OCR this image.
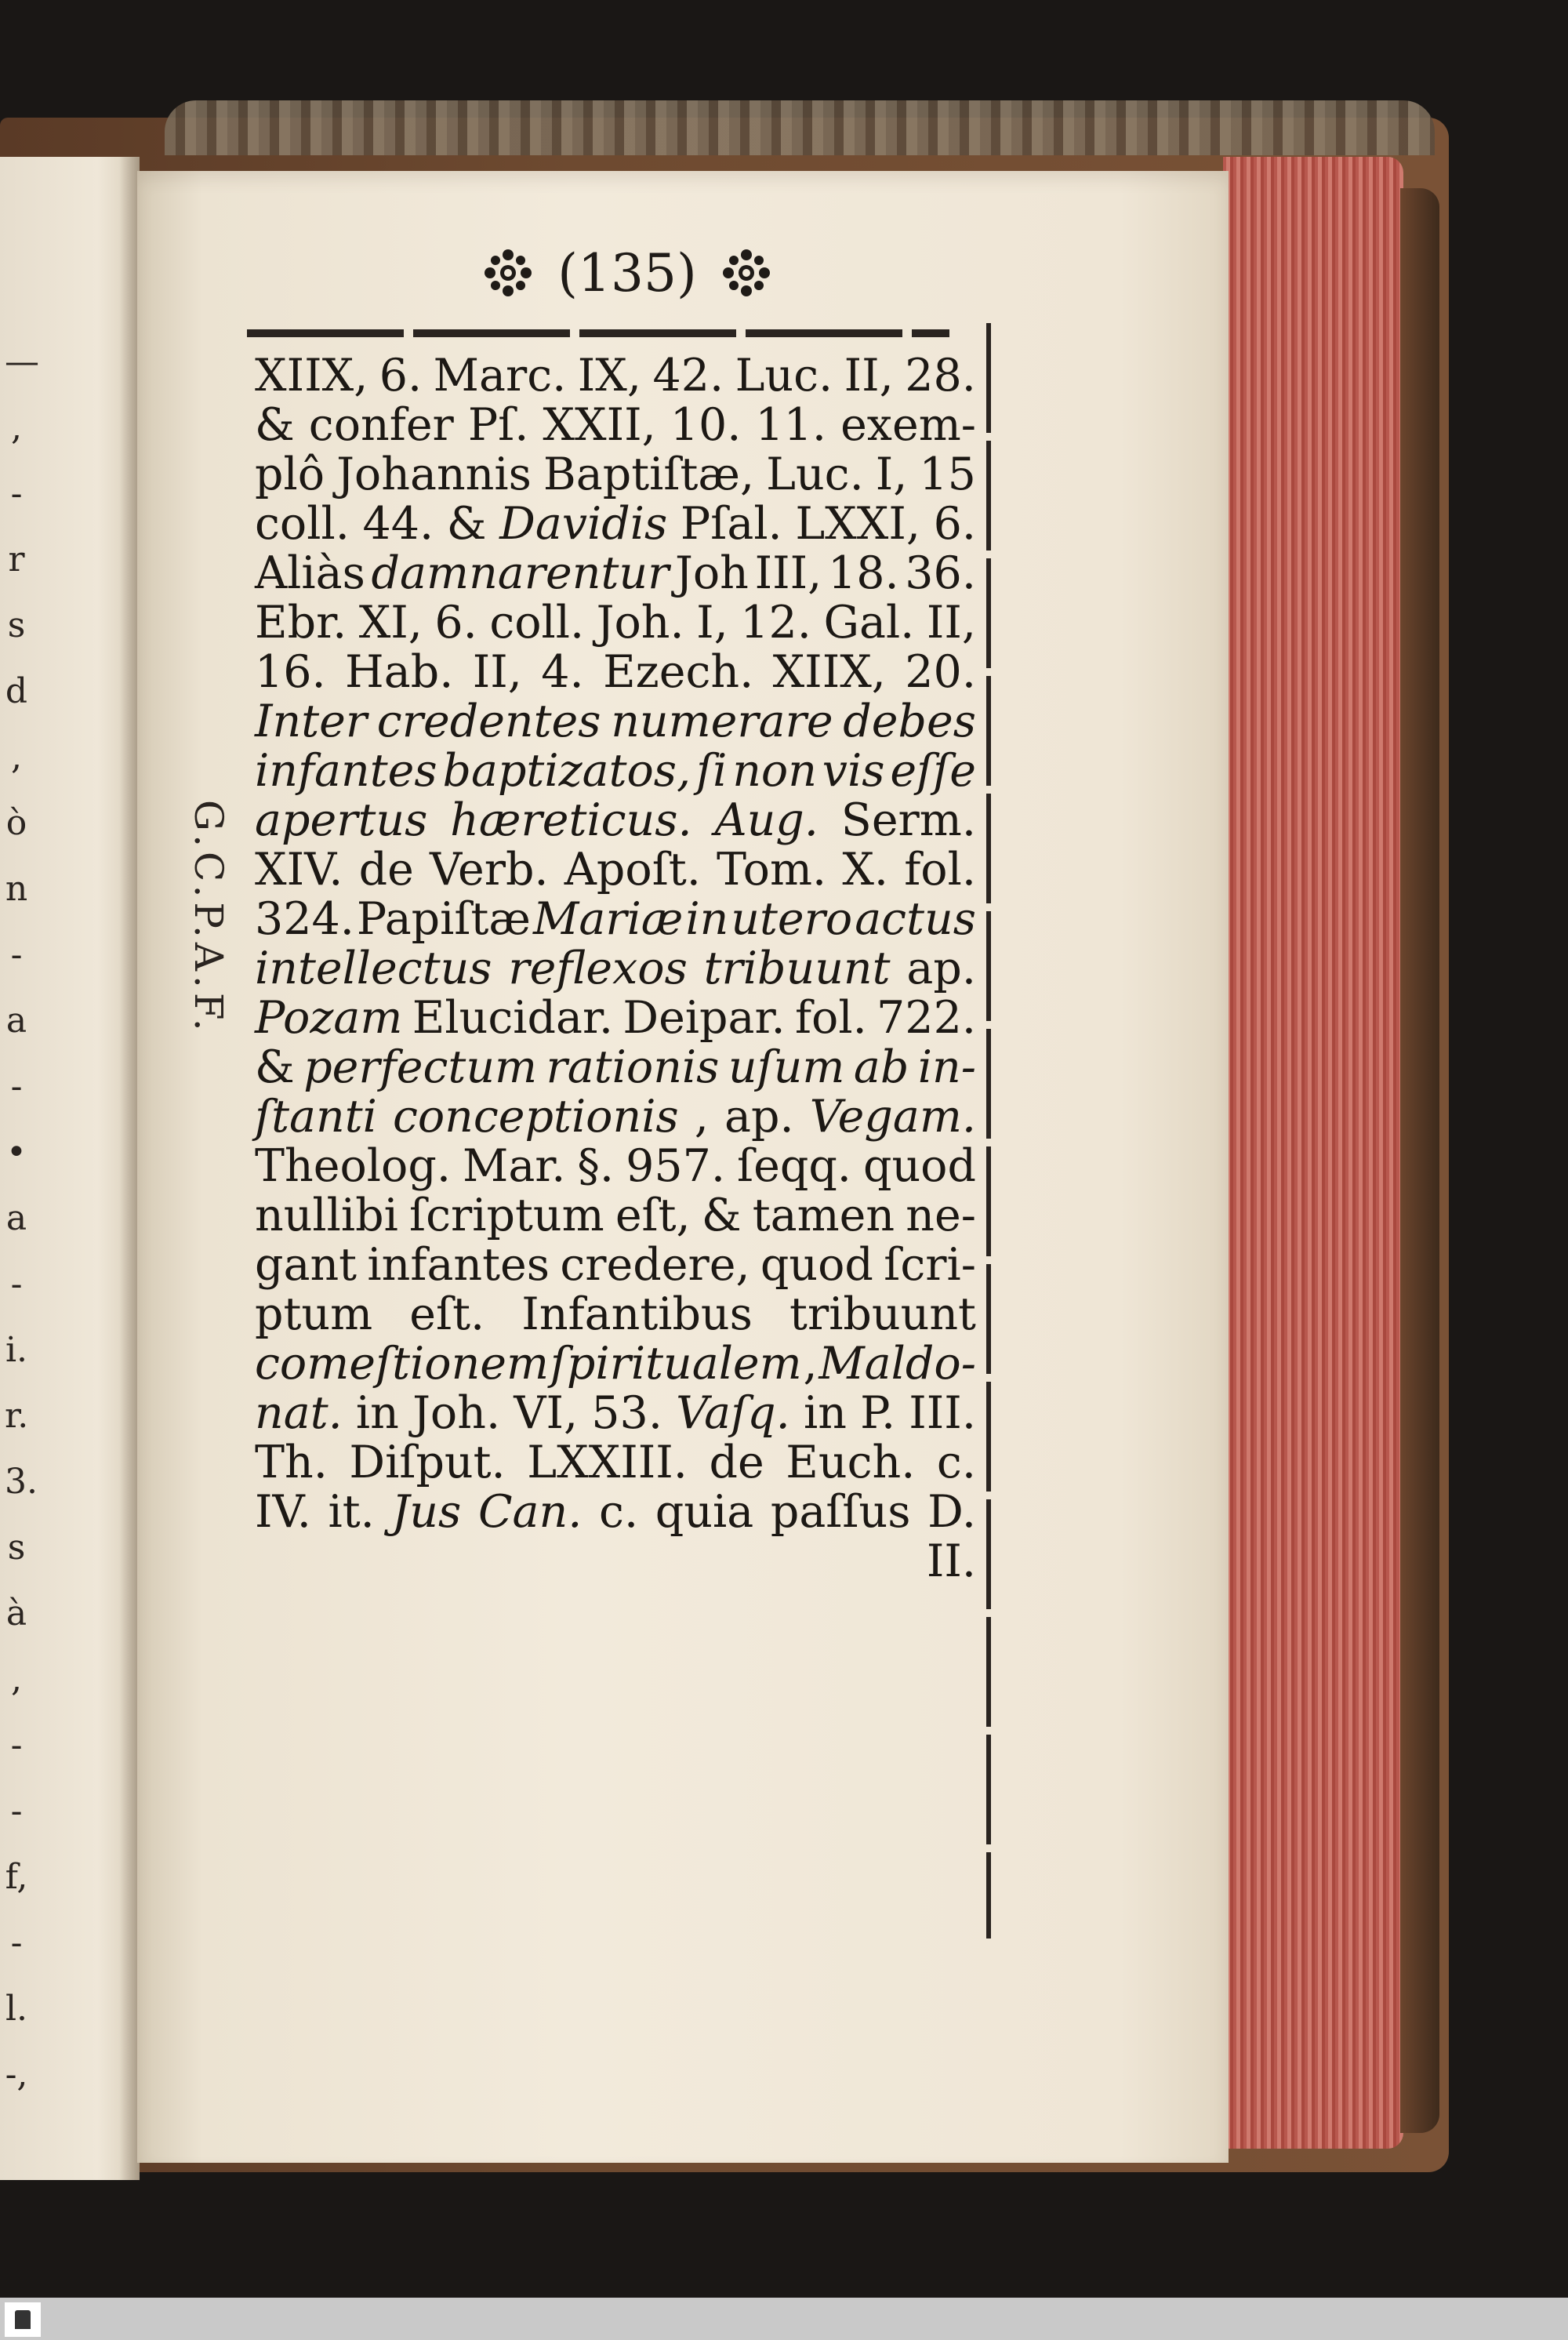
—
,
-
r
s
d
,
ò
n
-
a
-
•
a
-
i.
r.
3.
s
à
,
-
-
f,
-
l.
-,
(135)
G.C.P.A.F.
XIIX, 6. Marc. IX, 42. Luc. II, 28.
& confer Pſ. XXII, 10. 11. exem-
plô Johannis Baptiſtæ, Luc. I, 15
coll. 44. & Davidis Pſal. LXXI, 6.
Aliàs damnarentur Joh III, 18. 36.
Ebr. XI, 6. coll. Joh. I, 12. Gal. II,
16. Hab. II, 4. Ezech. XIIX, 20.
Inter credentes numerare debes
infantes baptizatos, ſi non vis eſſe
apertus hæreticus. Aug. Serm.
XIV. de Verb. Apoſt. Tom. X. fol.
324. Papiſtæ Mariæ in utero actus
intellectus reflexos tribuunt ap.
Pozam Elucidar. Deipar. fol. 722.
& perfectum rationis uſum ab in-
ſtanti conceptionis , ap. Vegam.
Theolog. Mar. §. 957. ſeqq. quod
nullibi ſcriptum eſt, & tamen ne-
gant infantes credere, quod ſcri-
ptum eſt. Infantibus tribuunt
comeſtionem ſpiritualem , Maldo-
nat. in Joh. VI, 53. Vaſq. in P. III.
Th. Diſput. LXXIII. de Euch. c.
IV. it. Jus Can. c. quia paſſus D.
II.
